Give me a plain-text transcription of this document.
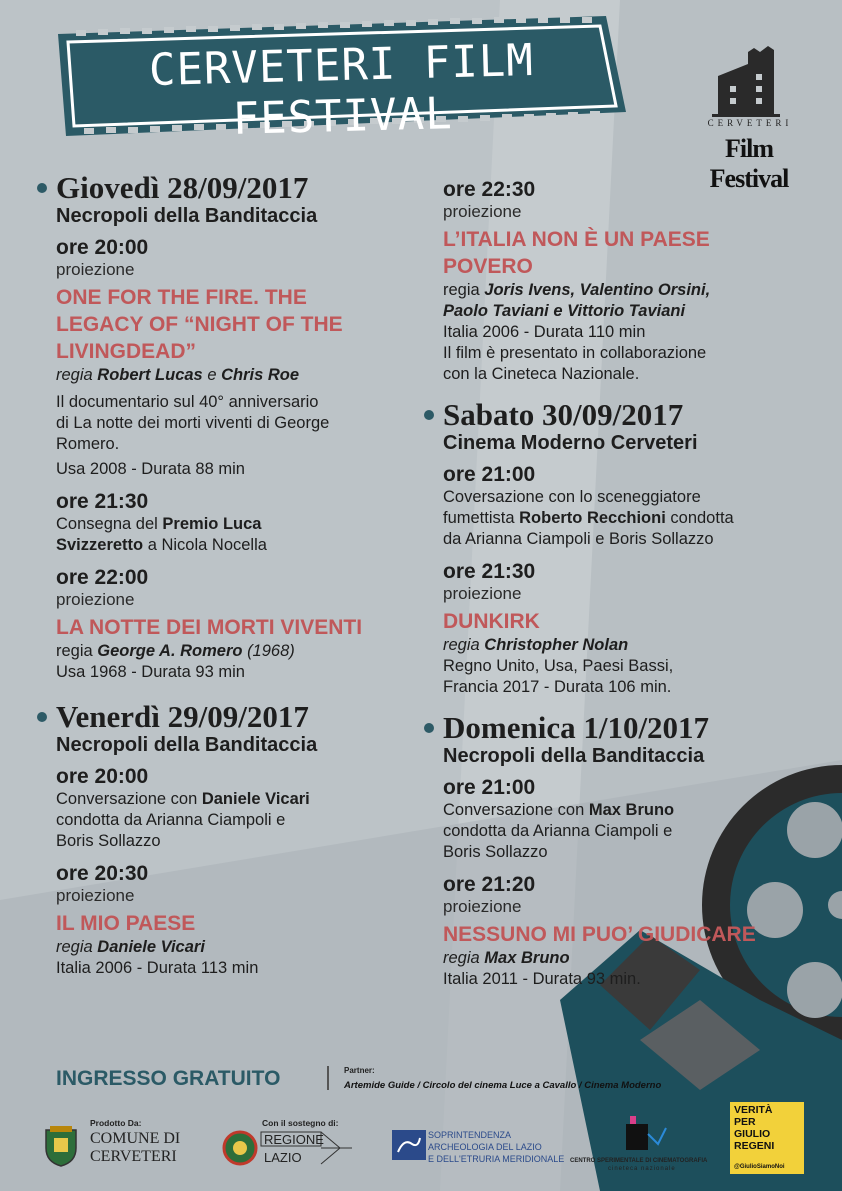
CERVETERI FILM FESTIVAL	CERVETERI
Film Festival
Giovedì 28/09/2017
Necropoli della Banditaccia
ore 20:00
proiezione
ONE FOR THE FIRE. THE
LEGACY OF “NIGHT OF THE
LIVINGDEAD”
regia Robert Lucas e Chris Roe
Il documentario sul 40° anniversario
di La notte dei morti viventi di George
Romero.
Usa 2008 - Durata 88 min
ore 21:30
Consegna del Premio Luca
Svizzeretto a Nicola Nocella
ore 22:00
proiezione
LA NOTTE DEI MORTI VIVENTI
regia George A. Romero (1968)
Usa 1968 - Durata 93 min
Venerdì 29/09/2017
Necropoli della Banditaccia
ore 20:00
Conversazione con Daniele Vicari
condotta da Arianna Ciampoli e
Boris Sollazzo
ore 20:30
proiezione
IL MIO PAESE
regia Daniele Vicari
Italia 2006 - Durata 113 min
ore 22:30
proiezione
L’ITALIA NON È UN PAESE
POVERO
regia Joris Ivens, Valentino Orsini,
Paolo Taviani e Vittorio Taviani
Italia 2006 - Durata 110 min
Il film è presentato in collaborazione
con la Cineteca Nazionale.
Sabato 30/09/2017
Cinema Moderno Cerveteri
ore 21:00
Coversazione con lo sceneggiatore
fumettista Roberto Recchioni condotta
da Arianna Ciampoli e Boris Sollazzo
ore 21:30
proiezione
DUNKIRK
regia Christopher Nolan
Regno Unito, Usa, Paesi Bassi,
Francia 2017 - Durata 106 min.
Domenica 1/10/2017
Necropoli della Banditaccia
ore 21:00
Conversazione con Max Bruno
condotta da Arianna Ciampoli e
Boris Sollazzo
ore 21:20
proiezione
NESSUNO MI PUO’ GIUDICARE
regia Max Bruno
Italia 2011 - Durata 93 min.
INGRESSO GRATUITO	Partner:
Artemide Guide / Circolo del cinema Luce a Cavallo / Cinema Moderno
Prodotto Da:
COMUNE DI
CERVETERI
Con il sostegno di:
REGIONE
LAZIO
SOPRINTENDENZA
ARCHEOLOGIA DEL LAZIO
E DELL'ETRURIA MERIDIONALE CENTRO SPERIMENTALE DI CINEMATOGRAFIA
cineteca nazionale
VERITÀ
PER
GIULIO
REGENI
@GiulioSiamoNoi
